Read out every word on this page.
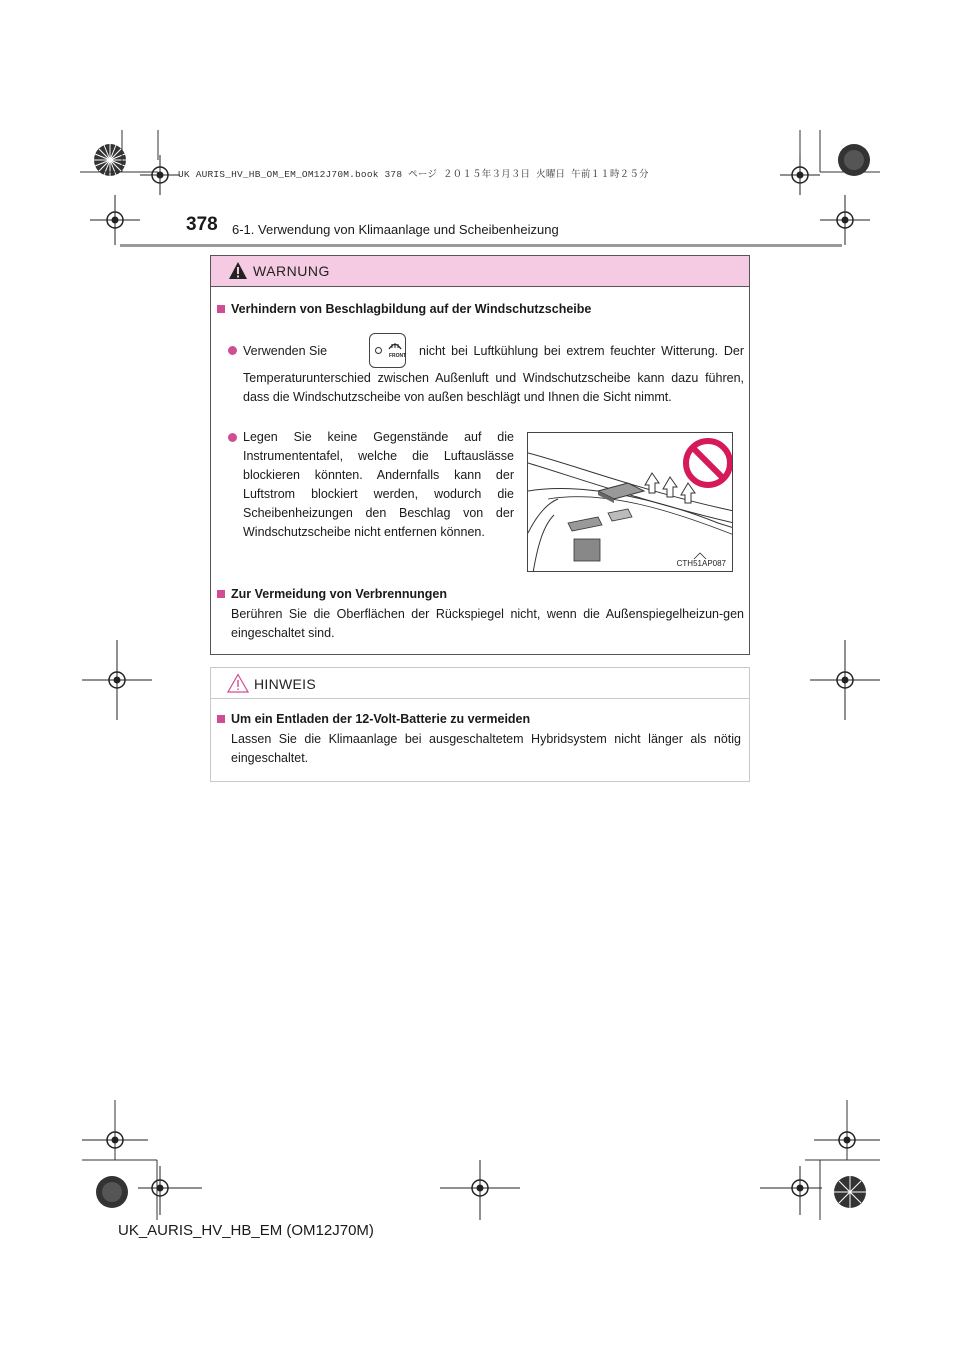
UK AURIS_HV_HB_OM_EM_OM12J70M.book 378 ページ ２０１５年３月３日 火曜日 午前１１時２５分
378 6-1. Verwendung von Klimaanlage und Scheibenheizung
WARNUNG
Verhindern von Beschlagbildung auf der Windschutzscheibe
Verwenden Sie	FRONT nicht bei Luftkühlung bei extrem feuchter Witterung. Der
Temperaturunterschied zwischen Außenluft und Windschutzscheibe kann dazu führen, dass die Windschutzscheibe von außen beschlägt und Ihnen die Sicht nimmt.
Legen Sie keine Gegenstände auf die Instrumententafel, welche die Luftauslässe blockieren könnten. Andernfalls kann der Luftstrom blockiert werden, wodurch die Scheibenheizungen den Beschlag von der Windschutzscheibe nicht entfernen können.
CTH51AP087
Zur Vermeidung von Verbrennungen
Berühren Sie die Oberflächen der Rückspiegel nicht, wenn die Außenspiegelheizun-gen eingeschaltet sind.
HINWEIS
Um ein Entladen der 12-Volt-Batterie zu vermeiden
Lassen Sie die Klimaanlage bei ausgeschaltetem Hybridsystem nicht länger als nötig eingeschaltet.
UK_AURIS_HV_HB_EM (OM12J70M)
